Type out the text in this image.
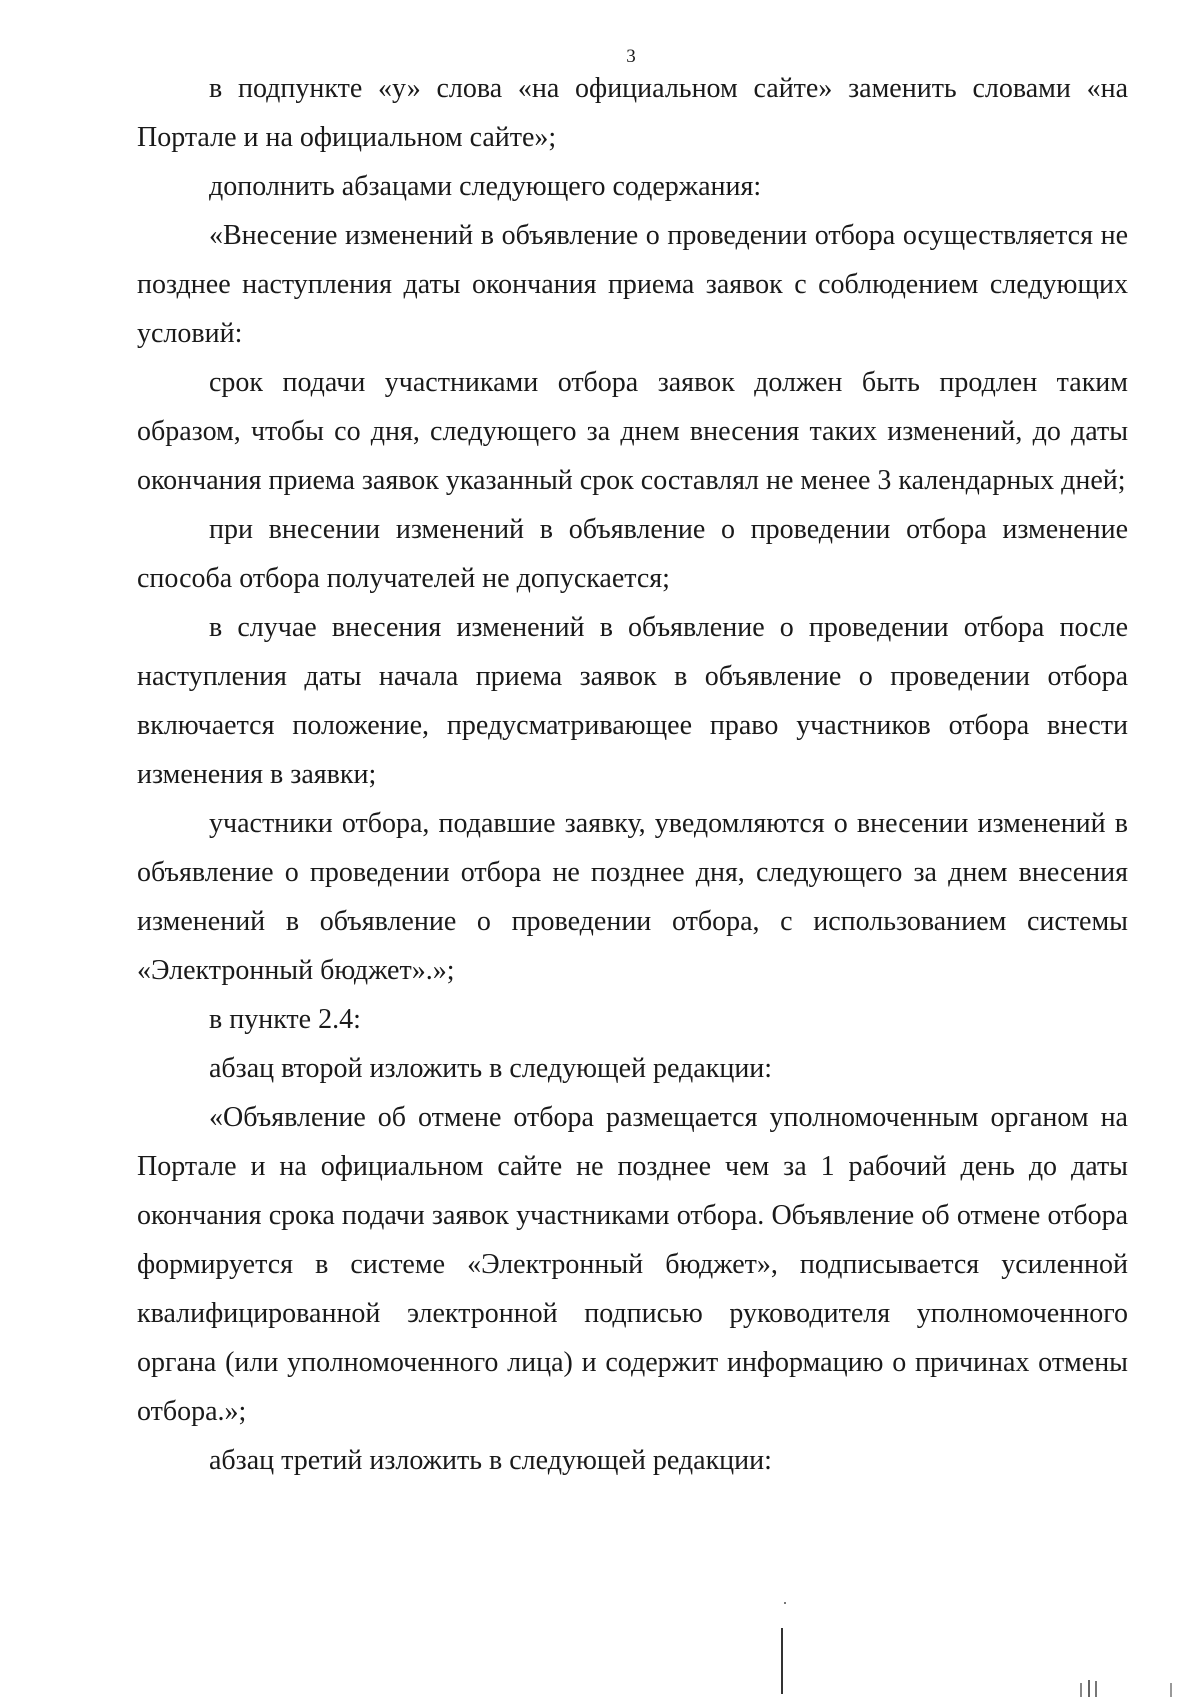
3

в подпункте «у» слова «на официальном сайте» заменить словами «на Портале и на официальном сайте»;

дополнить абзацами следующего содержания:

«Внесение изменений в объявление о проведении отбора осуществляется не позднее наступления даты окончания приема заявок с соблюдением следующих условий:

срок подачи участниками отбора заявок должен быть продлен таким образом, чтобы со дня, следующего за днем внесения таких изменений, до даты окончания приема заявок указанный срок составлял не менее 3 календарных дней;

при внесении изменений в объявление о проведении отбора изменение способа отбора получателей не допускается;

в случае внесения изменений в объявление о проведении отбора после наступления даты начала приема заявок в объявление о проведении отбора включается положение, предусматривающее право участников отбора внести изменения в заявки;

участники отбора, подавшие заявку, уведомляются о внесении изменений в объявление о проведении отбора не позднее дня, следующего за днем внесения изменений в объявление о проведении отбора, с использованием системы «Электронный бюджет».»;

в пункте 2.4:

абзац второй изложить в следующей редакции:

«Объявление об отмене отбора размещается уполномоченным органом на Портале и на официальном сайте не позднее чем за 1 рабочий день до даты окончания срока подачи заявок участниками отбора. Объявление об отмене отбора формируется в системе «Электронный бюджет», подписывается усиленной квалифицированной электронной подписью руководителя уполномоченного органа (или уполномоченного лица) и содержит информацию о причинах отмены отбора.»;

абзац третий изложить в следующей редакции:
